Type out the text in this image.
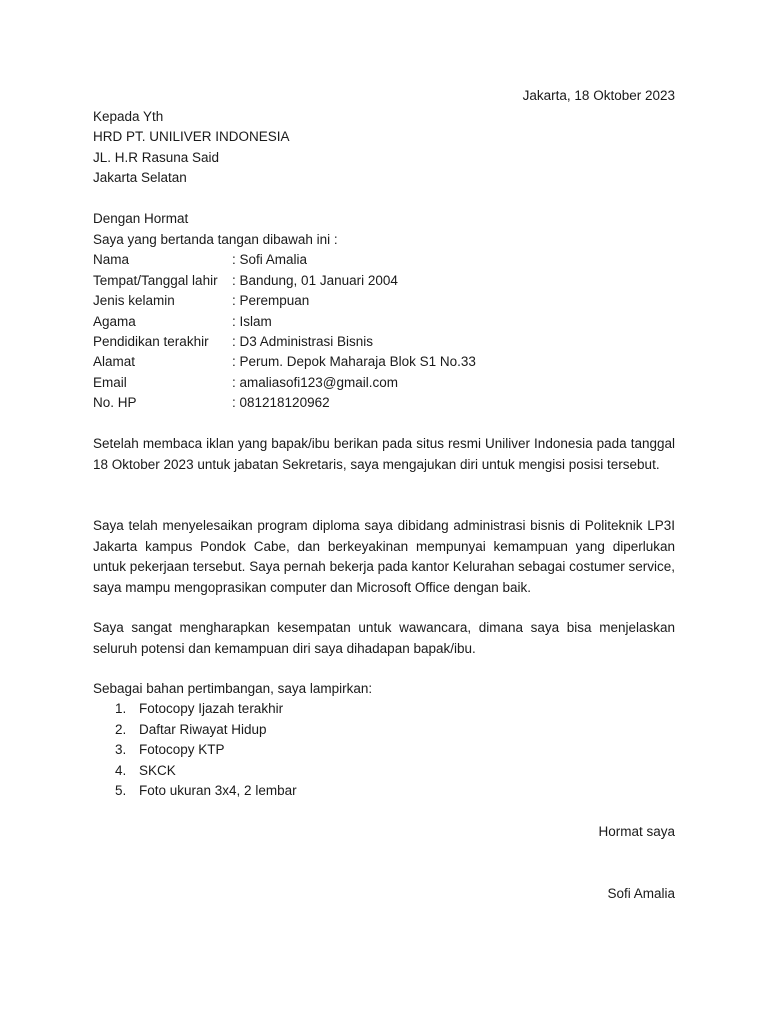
Jakarta, 18 Oktober 2023
Kepada Yth
HRD PT. UNILIVER INDONESIA
JL. H.R Rasuna Said
Jakarta Selatan
Dengan Hormat
Saya yang bertanda tangan dibawah ini :
Nama	: Sofi Amalia
Tempat/Tanggal lahir : Bandung, 01 Januari 2004
Jenis kelamin	: Perempuan
Agama	: Islam
Pendidikan terakhir : D3 Administrasi Bisnis
Alamat	: Perum. Depok Maharaja Blok S1 No.33
Email	: amaliasofi123@gmail.com
No. HP	: 081218120962
Setelah membaca iklan yang bapak/ibu berikan pada situs resmi Uniliver Indonesia pada tanggal 18 Oktober 2023 untuk jabatan Sekretaris, saya mengajukan diri untuk mengisi posisi tersebut.
Saya telah menyelesaikan program diploma saya dibidang administrasi bisnis di Politeknik LP3I Jakarta kampus Pondok Cabe, dan berkeyakinan mempunyai kemampuan yang diperlukan untuk pekerjaan tersebut. Saya pernah bekerja pada kantor Kelurahan sebagai costumer service, saya mampu mengoprasikan computer dan Microsoft Office dengan baik.
Saya sangat mengharapkan kesempatan untuk wawancara, dimana saya bisa menjelaskan seluruh potensi dan kemampuan diri saya dihadapan bapak/ibu.
Sebagai bahan pertimbangan, saya lampirkan:
1. Fotocopy Ijazah terakhir
2. Daftar Riwayat Hidup
3. Fotocopy KTP
4. SKCK
5. Foto ukuran 3x4, 2 lembar
Hormat saya
Sofi Amalia
